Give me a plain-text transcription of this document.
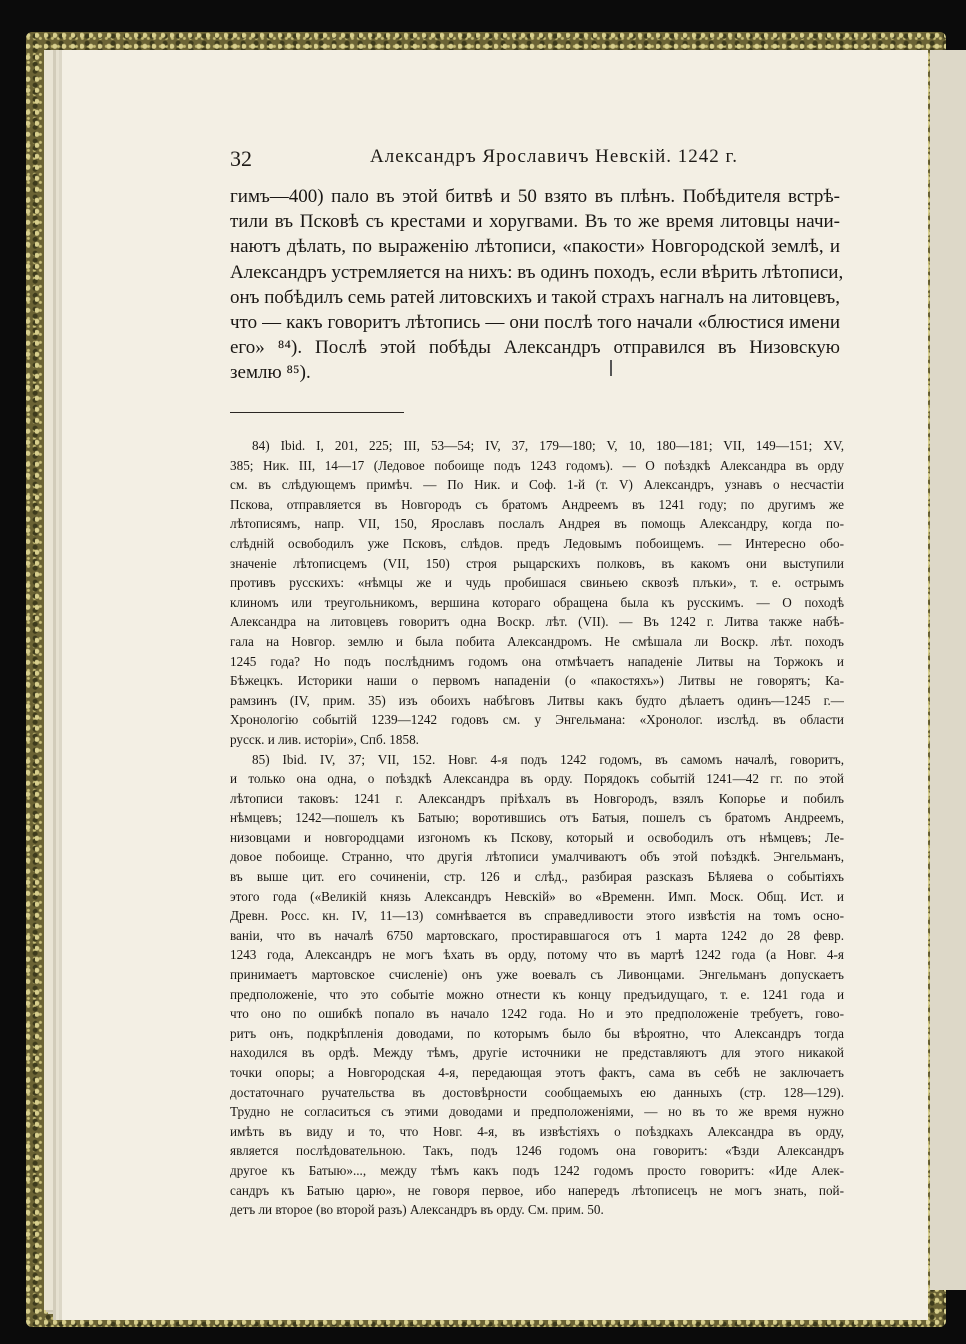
32	Александръ Ярославичъ Невскій. 1242 г.
гимъ—400) пало въ этой битвѣ и 50 взято въ плѣнъ. Побѣдителя встрѣ-
тили въ Псковѣ съ крестами и хоругвами. Въ то же время литовцы начи-
наютъ дѣлать, по выраженію лѣтописи, «пакости» Новгородской землѣ, и
Александръ устремляется на нихъ: въ одинъ походъ, если вѣрить лѣтописи,
онъ побѣдилъ семь ратей литовскихъ и такой страхъ нагналъ на литовцевъ,
что — какъ говоритъ лѣтопись — они послѣ того начали «блюстися имени
его» ⁸⁴). Послѣ этой побѣды Александръ отправился въ Низовскую
землю ⁸⁵).
84) Ibid. I, 201, 225; III, 53—54; IV, 37, 179—180; V, 10, 180—181; VII, 149—151; XV,
385; Ник. III, 14—17 (Ледовое побоище подъ 1243 годомъ). — О поѣздкѣ Александра въ орду
см. въ слѣдующемъ примѣч. — По Ник. и Соф. 1-й (т. V) Александръ, узнавъ о несчастіи
Пскова, отправляется въ Новгородъ съ братомъ Андреемъ въ 1241 году; по другимъ же
лѣтописямъ, напр. VII, 150, Ярославъ послалъ Андрея въ помощь Александру, когда по-
слѣдній освободилъ уже Псковъ, слѣдов. предъ Ледовымъ побоищемъ. — Интересно обо-
значеніе лѣтописцемъ (VII, 150) строя рыцарскихъ полковъ, въ какомъ они выступили
противъ русскихъ: «нѣмцы же и чудь пробишася свиньею сквозѣ плъки», т. е. острымъ
клиномъ или треугольникомъ, вершина котораго обращена была къ русскимъ. — О походѣ
Александра на литовцевъ говоритъ одна Воскр. лѣт. (VII). — Въ 1242 г. Литва также набѣ-
гала на Новгор. землю и была побита Александромъ. Не смѣшала ли Воскр. лѣт. походъ
1245 года? Но подъ послѣднимъ годомъ она отмѣчаетъ нападеніе Литвы на Торжокъ и
Бѣжецкъ. Историки наши о первомъ нападеніи (о «пакостяхъ») Литвы не говорятъ; Ка-
рамзинъ (IV, прим. 35) изъ обоихъ набѣговъ Литвы какъ будто дѣлаетъ одинъ—1245 г.—
Хронологію событій 1239—1242 годовъ см. у Энгельмана: «Хронолог. изслѣд. въ области
русск. и лив. исторіи», Спб. 1858.
85) Ibid. IV, 37; VII, 152. Новг. 4-я подъ 1242 годомъ, въ самомъ началѣ, говоритъ,
и только она одна, о поѣздкѣ Александра въ орду. Порядокъ событій 1241—42 гг. по этой
лѣтописи таковъ: 1241 г. Александръ пріѣхалъ въ Новгородъ, взялъ Копорье и побилъ
нѣмцевъ; 1242—пошелъ къ Батыю; воротившись отъ Батыя, пошелъ съ братомъ Андреемъ,
низовцами и новгородцами изгономъ къ Пскову, который и освободилъ отъ нѣмцевъ; Ле-
довое побоище. Странно, что другія лѣтописи умалчиваютъ объ этой поѣздкѣ. Энгельманъ,
въ выше цит. его сочиненіи, стр. 126 и слѣд., разбирая разсказъ Бѣляева о событіяхъ
этого года («Великій князь Александръ Невскій» во «Временн. Имп. Моск. Общ. Ист. и
Древн. Росс. кн. IV, 11—13) сомнѣвается въ справедливости этого извѣстія на томъ осно-
ваніи, что въ началѣ 6750 мартовскаго, простиравшагося отъ 1 марта 1242 до 28 февр.
1243 года, Александръ не могъ ѣхать въ орду, потому что въ мартѣ 1242 года (а Новг. 4-я
принимаетъ мартовское счисленіе) онъ уже воевалъ съ Ливонцами. Энгельманъ допускаетъ
предположеніе, что это событіе можно отнести къ концу предъидущаго, т. е. 1241 года и
что оно по ошибкѣ попало въ начало 1242 года. Но и это предположеніе требуетъ, гово-
ритъ онъ, подкрѣпленія доводами, по которымъ было бы вѣроятно, что Александръ тогда
находился въ ордѣ. Между тѣмъ, другіе источники не представляютъ для этого никакой
точки опоры; а Новгородская 4-я, передающая этотъ фактъ, сама въ себѣ не заключаетъ
достаточнаго ручательства въ достовѣрности сообщаемыхъ ею данныхъ (стр. 128—129).
Трудно не согласиться съ этими доводами и предположеніями, — но въ то же время нужно
имѣть въ виду и то, что Новг. 4-я, въ извѣстіяхъ о поѣздкахъ Александра въ орду,
является послѣдовательною. Такъ, подъ 1246 годомъ она говоритъ: «Ѣзди Александръ
другое къ Батыю»..., между тѣмъ какъ подъ 1242 годомъ просто говоритъ: «Иде Алек-
сандръ къ Батыю царю», не говоря первое, ибо напередъ лѣтописецъ не могъ знать, пой-
детъ ли второе (во второй разъ) Александръ въ орду. См. прим. 50.
